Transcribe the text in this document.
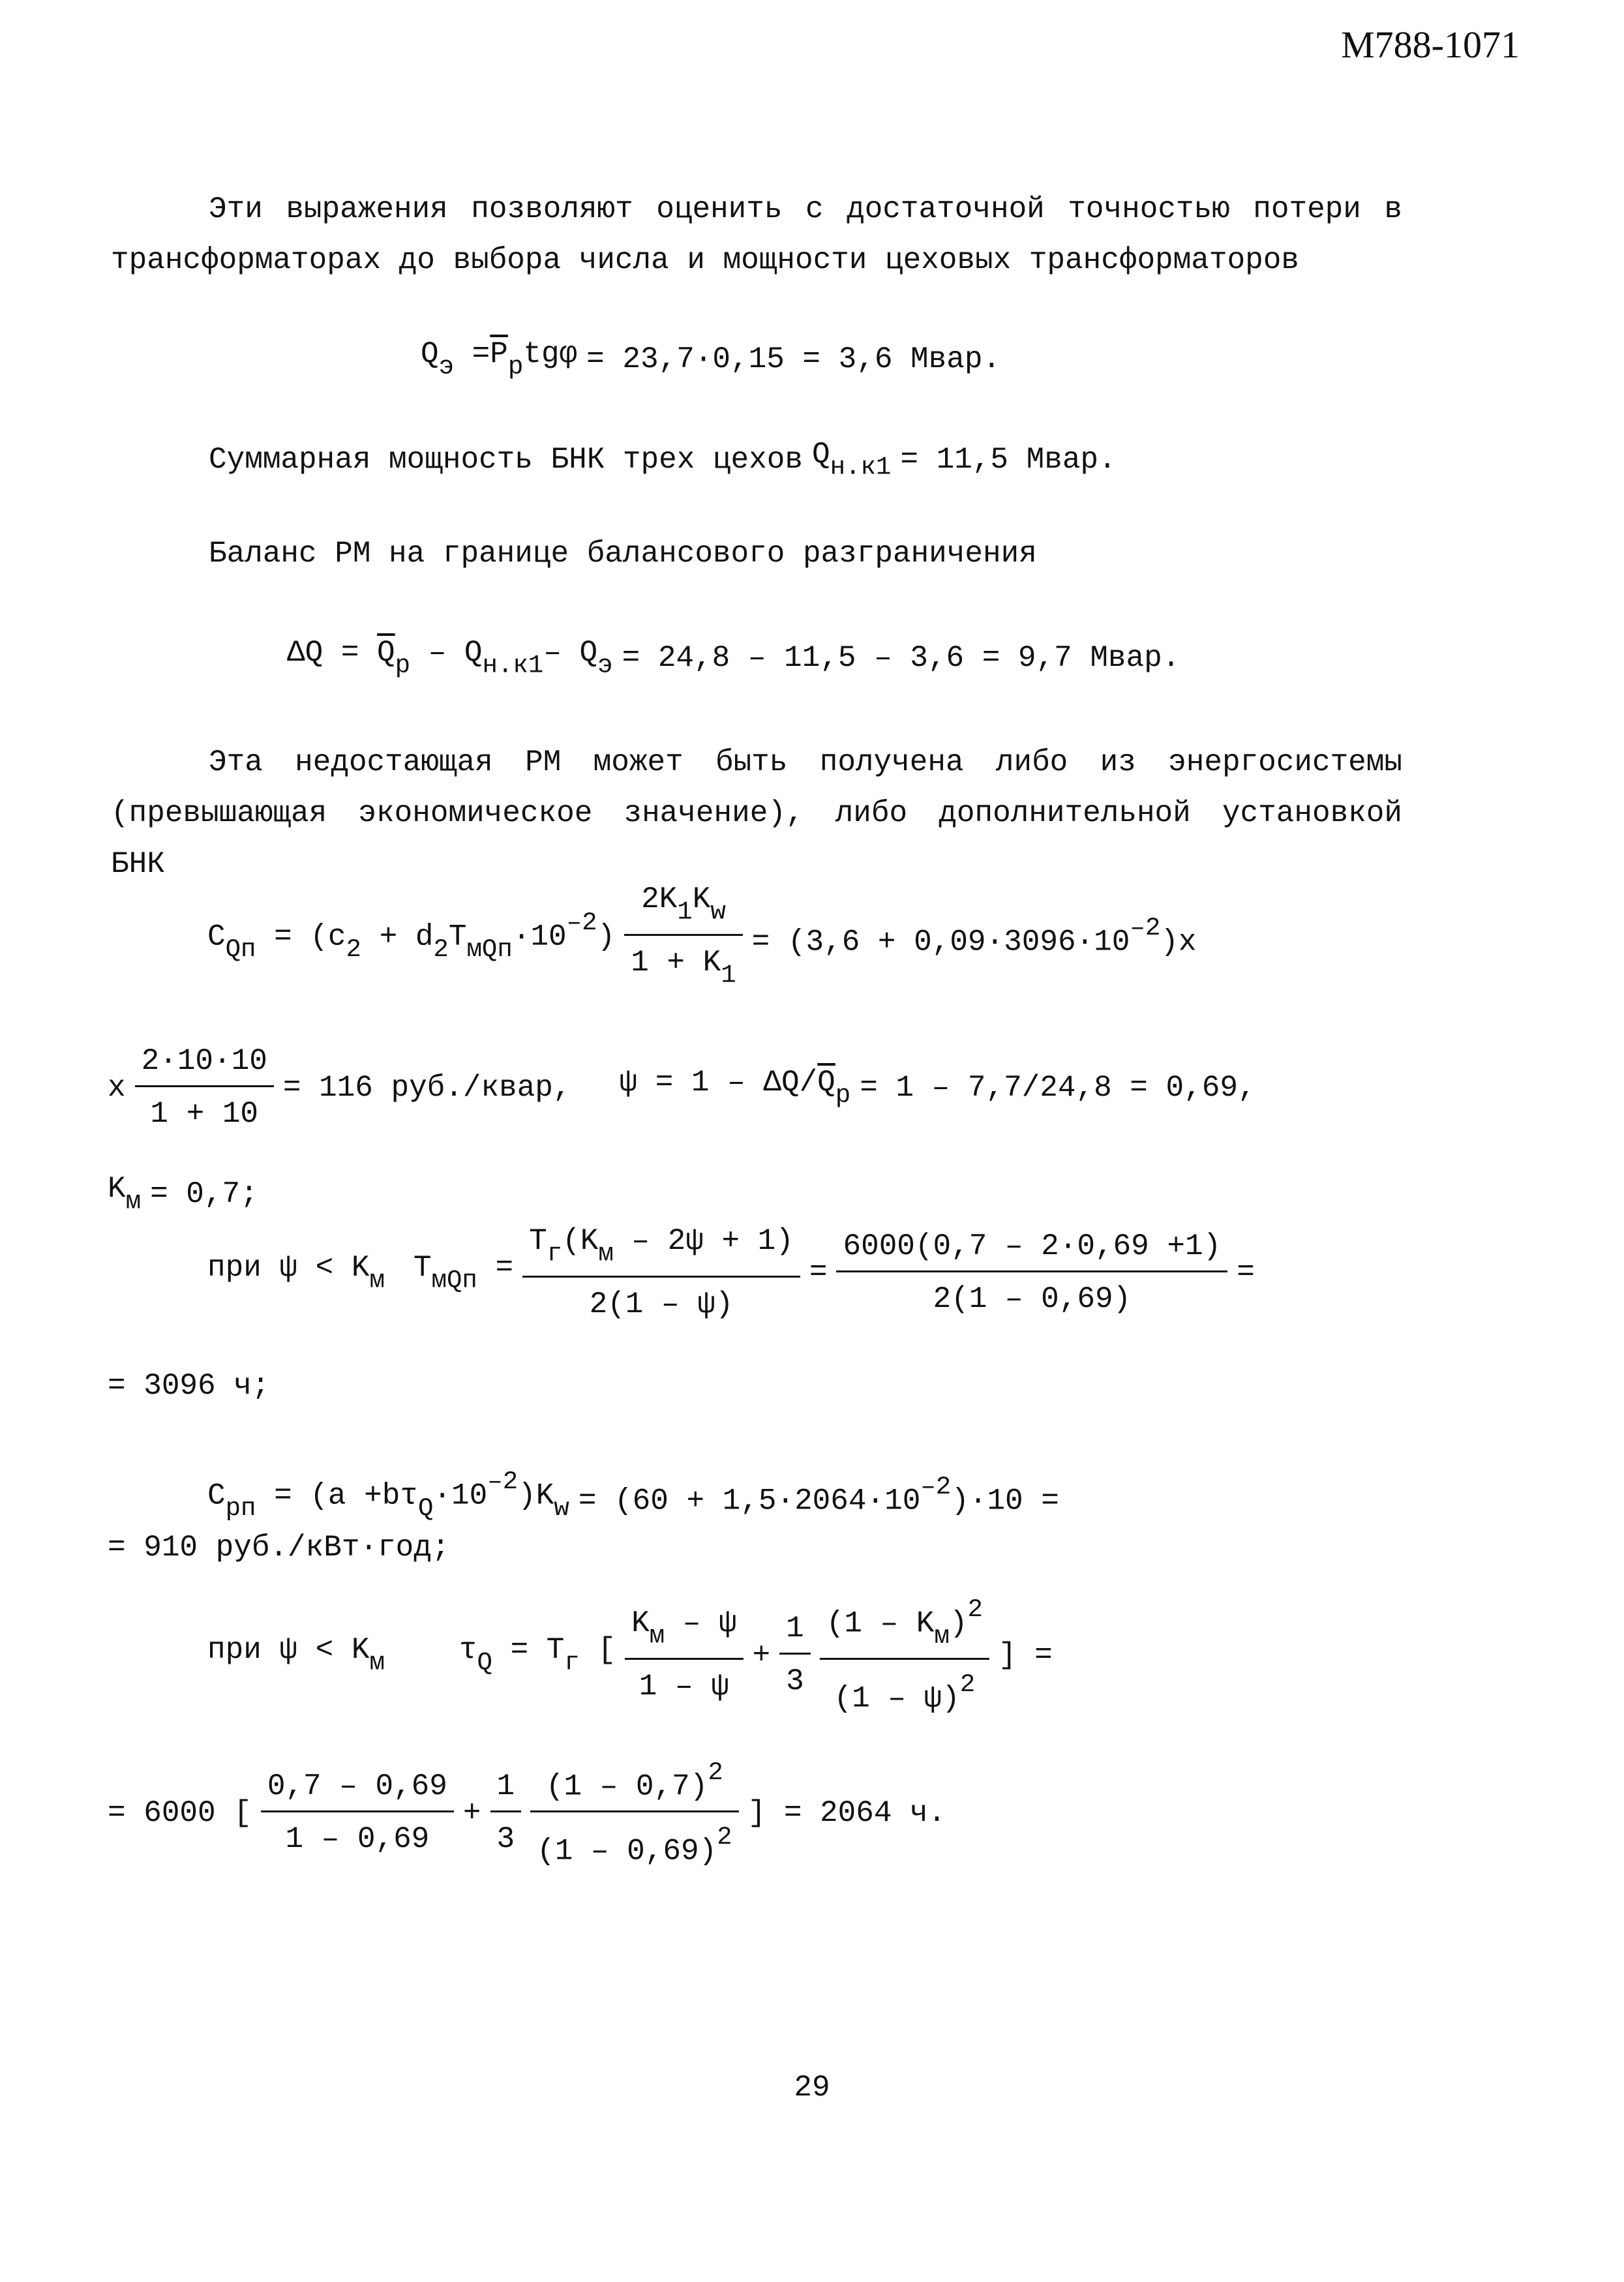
M788-1071
Эти выражения позволяют оценить с достаточной точностью потери в трансформаторах до выбора числа и мощности цеховых трансформаторов
$Q_э =\overline{P}_рtg\varphi = 23,7\cdot 0,15 = 3,6$ Мвар.
Суммарная мощность БНК трех цехов $Q_{н.к1} = 11,5$ Мвар.
Баланс РМ на границе балансового разграничения
$\Delta Q = \overline{Q}_р - Q_{н.к1}-$ $Q_э = 24,8 - 11,5 - 3,6 = 9,7$ Мвар.
Эта недостающая РМ может быть получена либо из энергосистемы (превышающая экономическое значение), либо дополнительной установкой БНК
$C_{Qп} = (c_2 + d_2T_{мQп}\cdot 10^{-2}) \frac{2K_1K_w}{1 + K_1} = (3,6 + 0,09\cdot 3096\cdot 10^{-2})x$
x $\frac{2\cdot 10\cdot 10}{1 + 10} = 116$ руб./квар, $\psi = 1 - \Delta Q/\overline{Q}_р = 1 - 7,7/24,8 = 0,69$,
$K_м = 0,7$;
при $\psi < K_м$ $T_{мQп} = \frac{T_г(K_м - 2\psi + 1)}{2(1 - \psi)} = \frac{6000(0,7 - 2\cdot 0,69 +1)}{2(1 - 0,69)}$ =
= 3096 ч;
$C_{рп} = (a +b\tau_Q\cdot 10^{-2})K_w = (60 + 1,5\cdot 2064\cdot 10^{-2})\cdot 10$ =
= 910 руб./кВт·год;
при $\psi < K_м$ $\tau_Q = T_г$ [ $\frac{K_м - \psi}{1 - \psi} + \frac{1}{3} \frac{(1 - K_м)^2}{(1 - \psi)^2}$ ] =
= 6000 [ $\frac{0,7 - 0,69}{1 - 0,69} + \frac{1}{3} \frac{(1 - 0,7)^2}{(1 - 0,69)^2}$ ] = 2064 ч.
29
